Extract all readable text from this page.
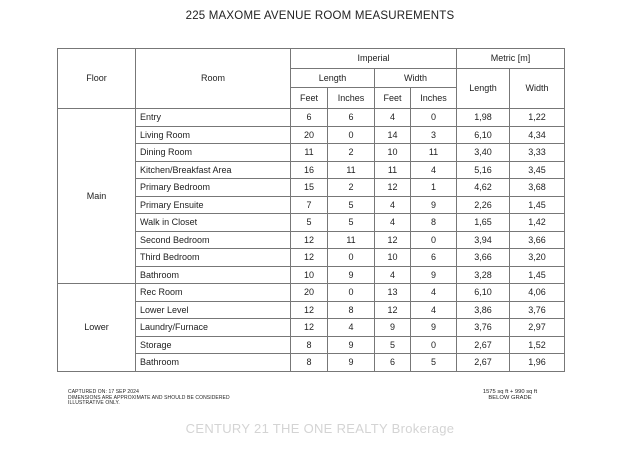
225 MAXOME AVENUE ROOM MEASUREMENTS
Floor	Room	Imperial				Metric [m]	
		Length		Width		Length	Width
		Feet	Inches	Feet	Inches		
Main	Entry	6	6	4	0	1,98	1,22
	Living Room	20	0	14	3	6,10	4,34
	Dining Room	11	2	10	11	3,40	3,33
	Kitchen/Breakfast Area	16	11	11	4	5,16	3,45
	Primary Bedroom	15	2	12	1	4,62	3,68
	Primary Ensuite	7	5	4	9	2,26	1,45
	Walk in Closet	5	5	4	8	1,65	1,42
	Second Bedroom	12	11	12	0	3,94	3,66
	Third Bedroom	12	0	10	6	3,66	3,20
	Bathroom	10	9	4	9	3,28	1,45
Lower	Rec Room	20	0	13	4	6,10	4,06
	Lower Level	12	8	12	4	3,86	3,76
	Laundry/Furnace	12	4	9	9	3,76	2,97
	Storage	8	9	5	0	2,67	1,52
	Bathroom	8	9	6	5	2,67	1,96
CAPTURED ON: 17 SEP 2024
DIMENSIONS ARE APPROXIMATE AND SHOULD BE CONSIDERED
ILLUSTRATIVE ONLY.
1575 sq ft + 990 sq ft
BELOW GRADE
CENTURY 21 THE ONE REALTY Brokerage
